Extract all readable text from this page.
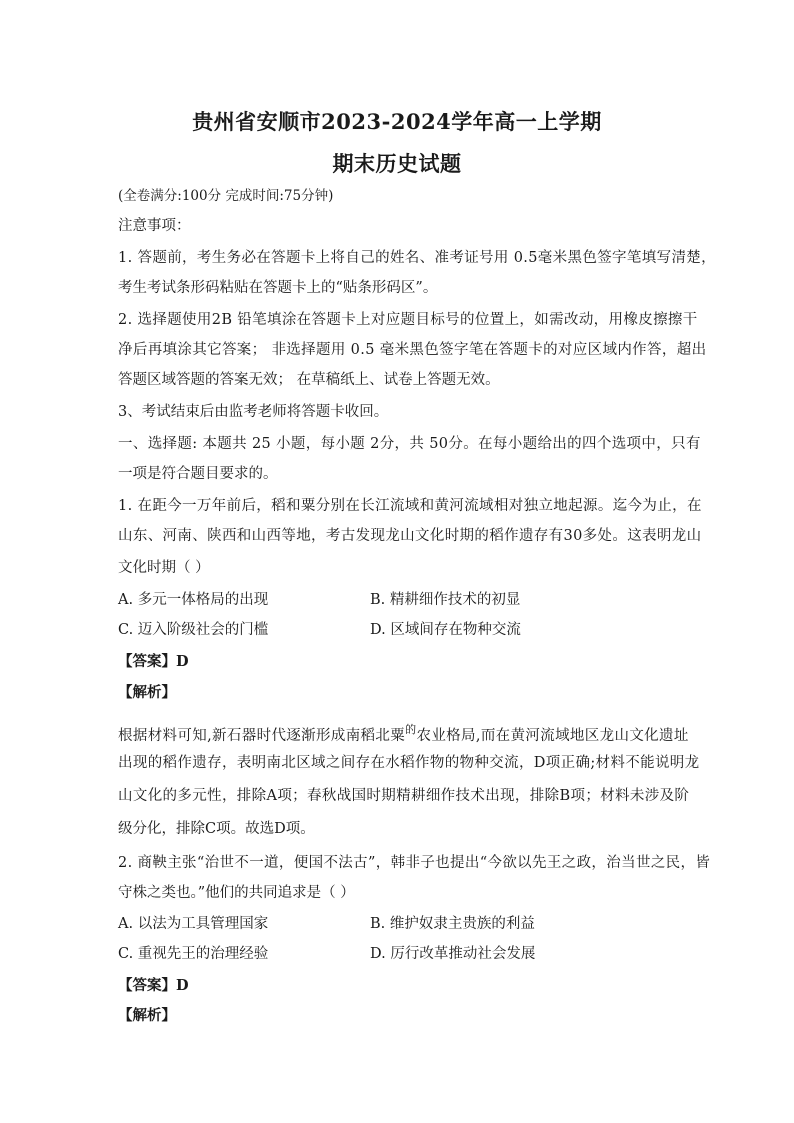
贵州省安顺市2023-2024学年高一上学期
期末历史试题
(全卷满分:100分 完成时间:75分钟)
注意事项：
1. 答题前，考生务必在答题卡上将自己的姓名、准考证号用 0.5毫米黑色签字笔填写清楚，
考生考试条形码粘贴在答题卡上的“贴条形码区”。
2. 选择题使用2B 铅笔填涂在答题卡上对应题目标号的位置上，如需改动，用橡皮擦擦干
净后再填涂其它答案； 非选择题用 0.5 毫米黑色签字笔在答题卡的对应区域内作答，超出
答题区域答题的答案无效； 在草稿纸上、试卷上答题无效。
3、考试结束后由监考老师将答题卡收回。
一、选择题: 本题共 25 小题，每小题 2分，共 50分。在每小题给出的四个选项中，只有
一项是符合题目要求的。
1. 在距今一万年前后，稻和粟分别在长江流域和黄河流域相对独立地起源。迄今为止，在
山东、河南、陕西和山西等地，考古发现龙山文化时期的稻作遗存有30多处。这表明龙山
文化时期（ ）
A. 多元一体格局的出现	B. 精耕细作技术的初显
C. 迈入阶级社会的门槛	D. 区域间存在物种交流
【答案】D
【解析】
根据材料可知,新石器时代逐渐形成南稻北粟$^的$农业格局,而在黄河流域地区龙山文化遗址
出现的稻作遗存，表明南北区域之间存在水稻作物的物种交流，D项正确;材料不能说明龙
山文化的多元性，排除A项；春秋战国时期精耕细作技术出现，排除B项；材料未涉及阶
级分化，排除C项。故选D项。
2. 商鞅主张“治世不一道，便国不法古”，韩非子也提出“今欲以先王之政，治当世之民，皆
守株之类也。”他们的共同追求是（ ）
A. 以法为工具管理国家	B. 维护奴隶主贵族的利益
C. 重视先王的治理经验	D. 厉行改革推动社会发展
【答案】D
【解析】
